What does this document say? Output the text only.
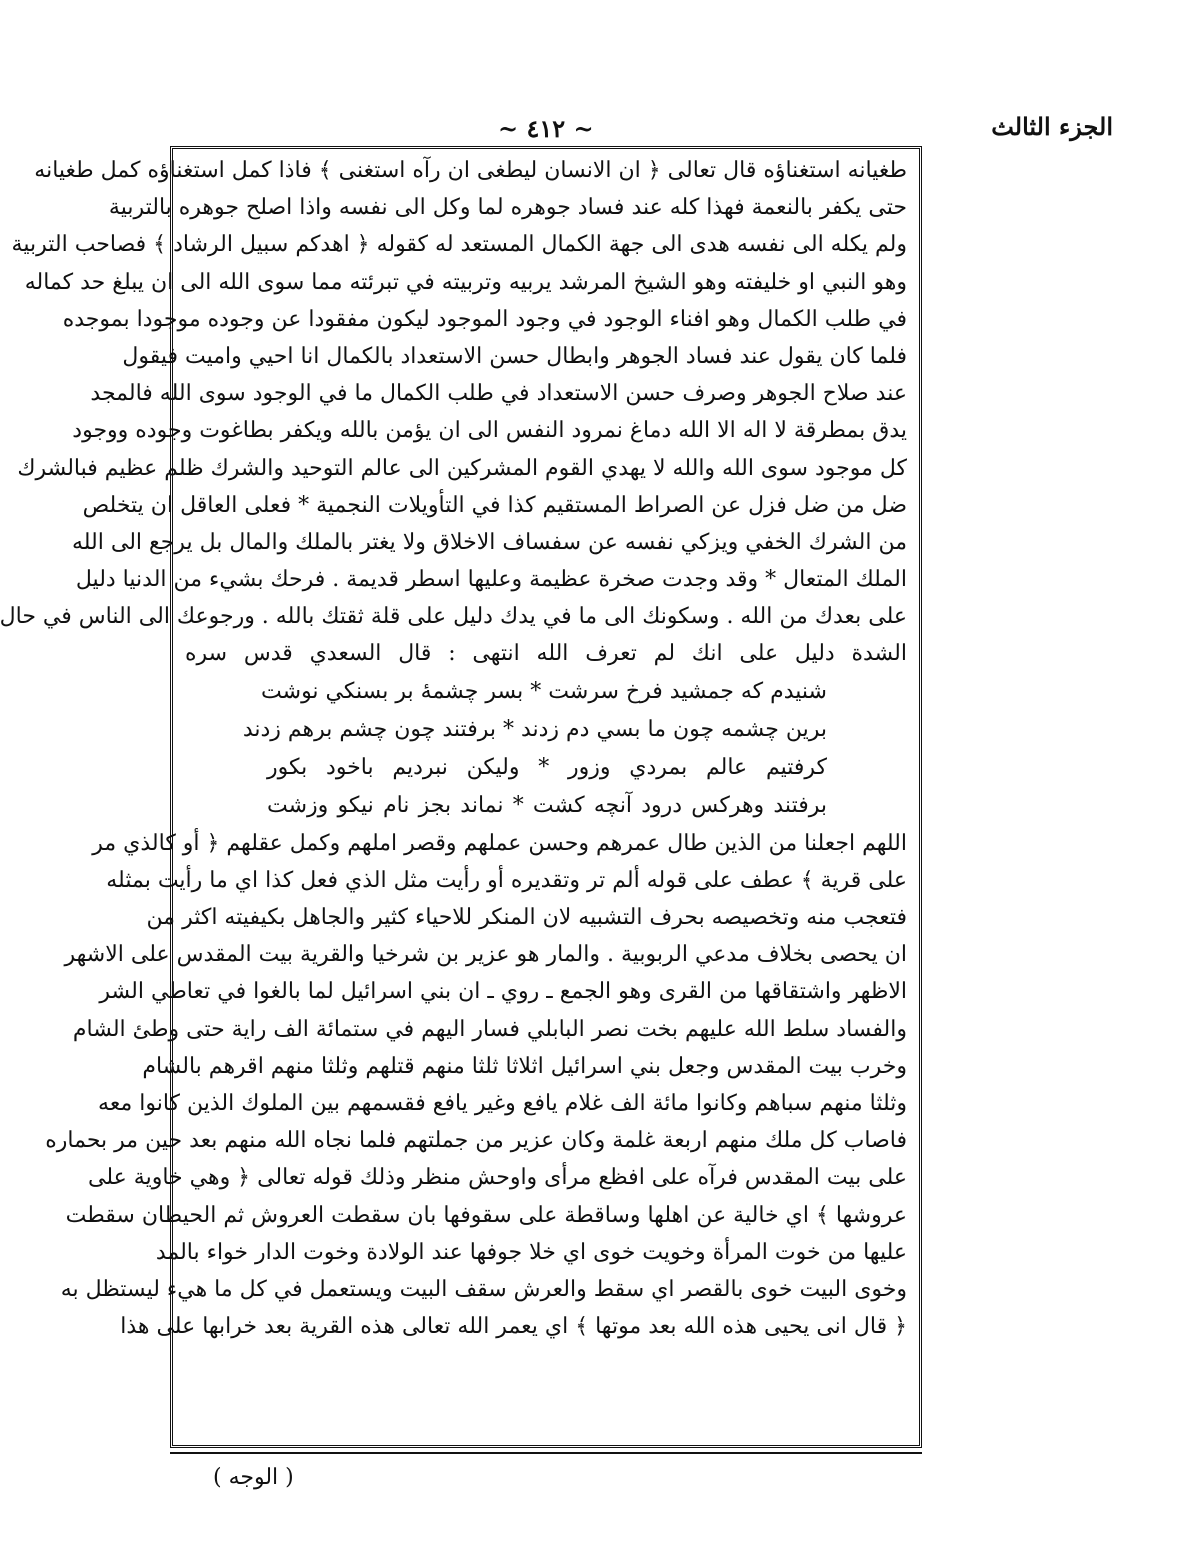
الجزء الثالث
~ ٤١٢ ~
طغيانه استغناؤه قال تعالى ﴿ ان الانسان ليطغى ان رآه استغنى ﴾ فاذا كمل استغناؤه كمل طغيانه
حتى يكفر بالنعمة فهذا كله عند فساد جوهره لما وكل الى نفسه واذا اصلح جوهره بالتربية
ولم يكله الى نفسه هدى الى جهة الكمال المستعد له كقوله ﴿ اهدكم سبيل الرشاد ﴾ فصاحب التربية
وهو النبي او خليفته وهو الشيخ المرشد يربيه وتربيته في تبرئته مما سوى الله الى ان يبلغ حد كماله
في طلب الكمال وهو افناء الوجود في وجود الموجود ليكون مفقودا عن وجوده موجودا بموجده
فلما كان يقول عند فساد الجوهر وابطال حسن الاستعداد بالكمال انا احيي واميت فيقول
عند صلاح الجوهر وصرف حسن الاستعداد في طلب الكمال ما في الوجود سوى الله فالمجد
يدق بمطرقة لا اله الا الله دماغ نمرود النفس الى ان يؤمن بالله ويكفر بطاغوت وجوده ووجود
كل موجود سوى الله والله لا يهدي القوم المشركين الى عالم التوحيد والشرك ظلم عظيم فبالشرك
ضل من ضل فزل عن الصراط المستقيم كذا في التأويلات النجمية * فعلى العاقل ان يتخلص
من الشرك الخفي ويزكي نفسه عن سفساف الاخلاق ولا يغتر بالملك والمال بل يرجع الى الله
الملك المتعال * وقد وجدت صخرة عظيمة وعليها اسطر قديمة . فرحك بشيء من الدنيا دليل
على بعدك من الله . وسكونك الى ما في يدك دليل على قلة ثقتك بالله . ورجوعك الى الناس في حال
الشدة دليل على انك لم تعرف الله انتهى : قال السعدي قدس سره
شنيدم كه جمشيد فرخ سرشت * بسر چشمهٔ بر بسنكي نوشت
برين چشمه چون ما بسي دم زدند * برفتند چون چشم برهم زدند
كرفتيم عالم بمردي وزور * وليكن نبرديم باخود بكور
برفتند وهركس درود آنچه كشت * نماند بجز نام نيكو وزشت
اللهم اجعلنا من الذين طال عمرهم وحسن عملهم وقصر املهم وكمل عقلهم ﴿ أو كالذي مر
على قرية ﴾ عطف على قوله ألم تر وتقديره أو رأيت مثل الذي فعل كذا اي ما رأيت بمثله
فتعجب منه وتخصيصه بحرف التشبيه لان المنكر للاحياء كثير والجاهل بكيفيته اكثر من
ان يحصى بخلاف مدعي الربوبية . والمار هو عزير بن شرخيا والقرية بيت المقدس على الاشهر
الاظهر واشتقاقها من القرى وهو الجمع ـ روي ـ ان بني اسرائيل لما بالغوا في تعاطي الشر
والفساد سلط الله عليهم بخت نصر البابلي فسار اليهم في ستمائة الف راية حتى وطئ الشام
وخرب بيت المقدس وجعل بني اسرائيل اثلاثا ثلثا منهم قتلهم وثلثا منهم اقرهم بالشام
وثلثا منهم سباهم وكانوا مائة الف غلام يافع وغير يافع فقسمهم بين الملوك الذين كانوا معه
فاصاب كل ملك منهم اربعة غلمة وكان عزير من جملتهم فلما نجاه الله منهم بعد حين مر بحماره
على بيت المقدس فرآه على افظع مرأى واوحش منظر وذلك قوله تعالى ﴿ وهي خاوية على
عروشها ﴾ اي خالية عن اهلها وساقطة على سقوفها بان سقطت العروش ثم الحيطان سقطت
عليها من خوت المرأة وخويت خوى اي خلا جوفها عند الولادة وخوت الدار خواء بالمد
وخوى البيت خوى بالقصر اي سقط والعرش سقف البيت ويستعمل في كل ما هيء ليستظل به
﴿ قال انى يحيى هذه الله بعد موتها ﴾ اي يعمر الله تعالى هذه القرية بعد خرابها على هذا
( الوجه )
